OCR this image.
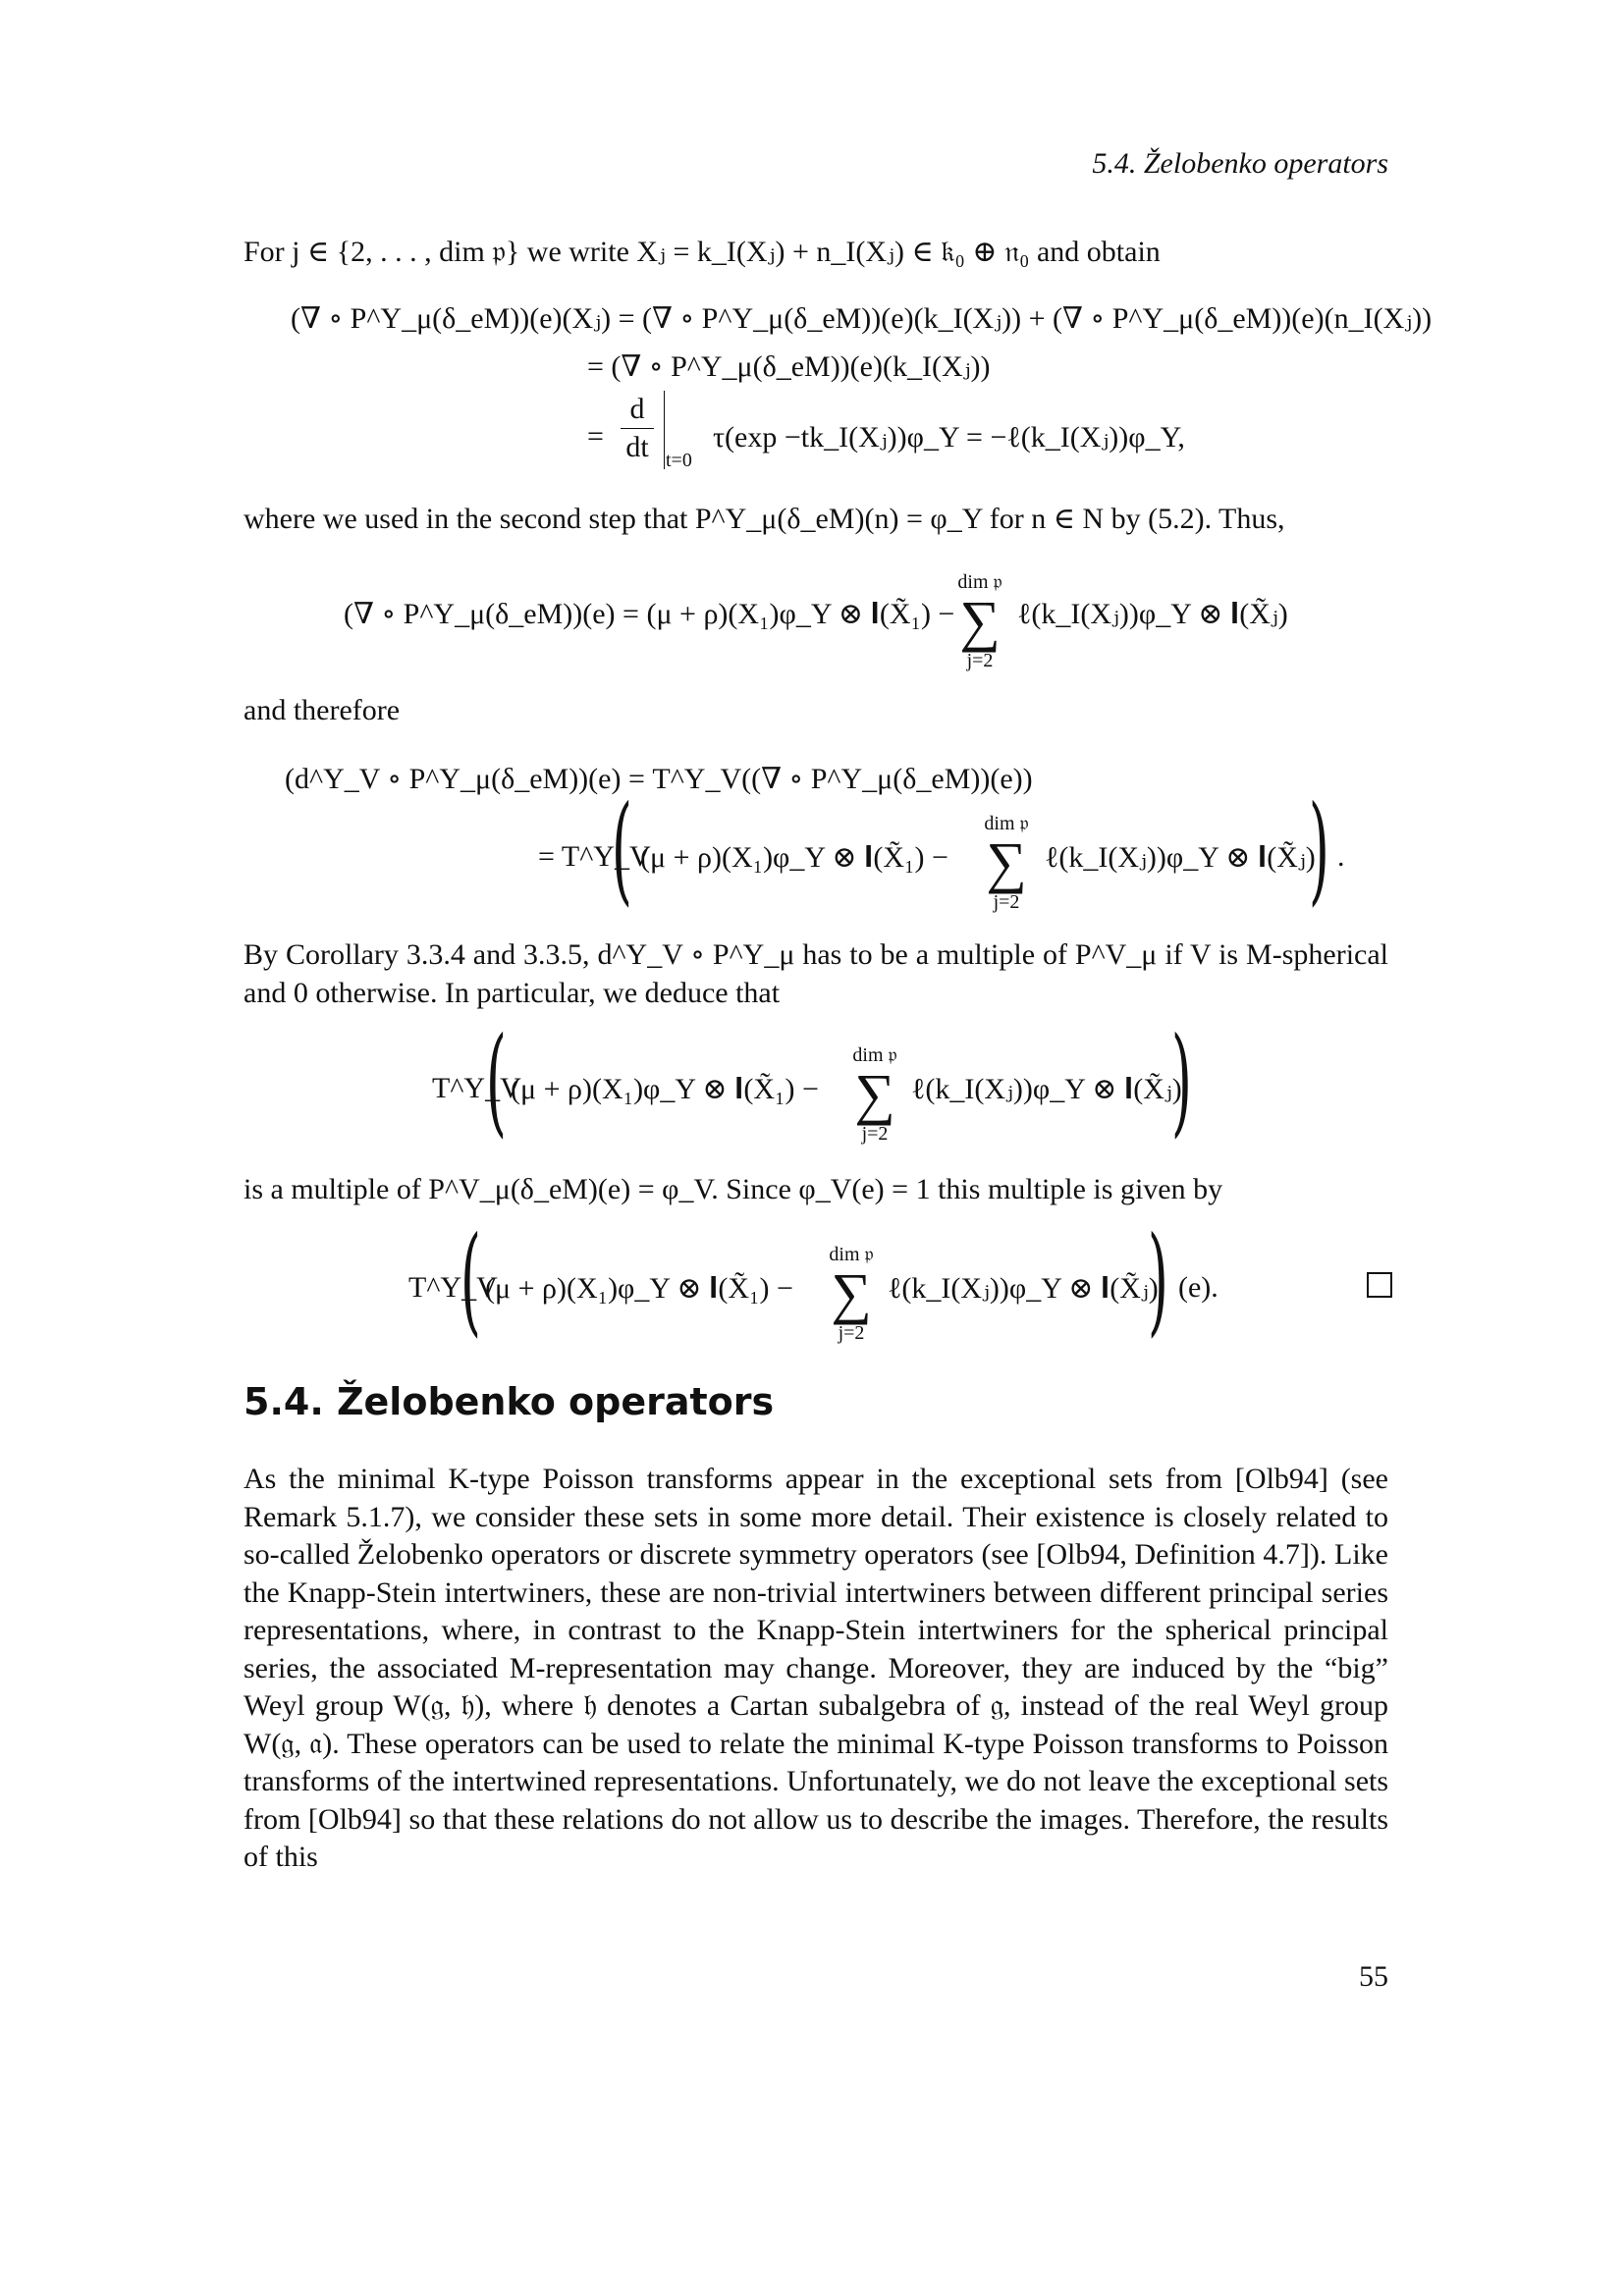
5.4. Želobenko operators
For j ∈ {2, . . . , dim 𝔭} we write Xⱼ = k_I(Xⱼ) + n_I(Xⱼ) ∈ 𝔨₀ ⊕ 𝔫₀ and obtain
(∇ ∘ P^Y_μ(δ_eM))(e)(Xⱼ) = (∇ ∘ P^Y_μ(δ_eM))(e)(k_I(Xⱼ)) + (∇ ∘ P^Y_μ(δ_eM))(e)(n_I(Xⱼ))
= (∇ ∘ P^Y_μ(δ_eM))(e)(k_I(Xⱼ))
=
d
dt t=0
τ(exp −tk_I(Xⱼ))φ_Y = −ℓ(k_I(Xⱼ))φ_Y,
where we used in the second step that P^Y_μ(δ_eM)(n) = φ_Y for n ∈ N by (5.2). Thus,
(∇ ∘ P^Y_μ(δ_eM))(e) = (μ + ρ)(X₁)φ_Y ⊗ 𝐈(X̃₁) −
dim 𝔭
∑
j=2
ℓ(k_I(Xⱼ))φ_Y ⊗ 𝐈(X̃ⱼ)
and therefore
(d^Y_V ∘ P^Y_μ(δ_eM))(e) = T^Y_V((∇ ∘ P^Y_μ(δ_eM))(e))
= T^Y_V
( (μ + ρ)(X₁)φ_Y ⊗ 𝐈(X̃₁) −
dim 𝔭
∑
j=2
ℓ(k_I(Xⱼ))φ_Y ⊗ 𝐈(X̃ⱼ)
) .
By Corollary 3.3.4 and 3.3.5, d^Y_V ∘ P^Y_μ has to be a multiple of P^V_μ if V is M-spherical and 0 otherwise. In particular, we deduce that
T^Y_V
( (μ + ρ)(X₁)φ_Y ⊗ 𝐈(X̃₁) −
dim 𝔭
∑
j=2
ℓ(k_I(Xⱼ))φ_Y ⊗ 𝐈(X̃ⱼ)
)
is a multiple of P^V_μ(δ_eM)(e) = φ_V. Since φ_V(e) = 1 this multiple is given by
T^Y_V
( (μ + ρ)(X₁)φ_Y ⊗ 𝐈(X̃₁) −
dim 𝔭
∑
j=2
ℓ(k_I(Xⱼ))φ_Y ⊗ 𝐈(X̃ⱼ)
) (e).
5.4. Želobenko operators
As the minimal K-type Poisson transforms appear in the exceptional sets from [Olb94] (see Remark 5.1.7), we consider these sets in some more detail. Their existence is closely related to so-called Želobenko operators or discrete symmetry operators (see [Olb94, Definition 4.7]). Like the Knapp-Stein intertwiners, these are non-trivial intertwiners between different principal series representations, where, in contrast to the Knapp-Stein intertwiners for the spherical principal series, the associated M-representation may change. Moreover, they are induced by the “big” Weyl group W(𝔤, 𝔥), where 𝔥 denotes a Cartan subalgebra of 𝔤, instead of the real Weyl group W(𝔤, 𝔞). These operators can be used to relate the minimal K-type Poisson transforms to Poisson transforms of the intertwined representations. Unfortunately, we do not leave the exceptional sets from [Olb94] so that these relations do not allow us to describe the images. Therefore, the results of this
55
